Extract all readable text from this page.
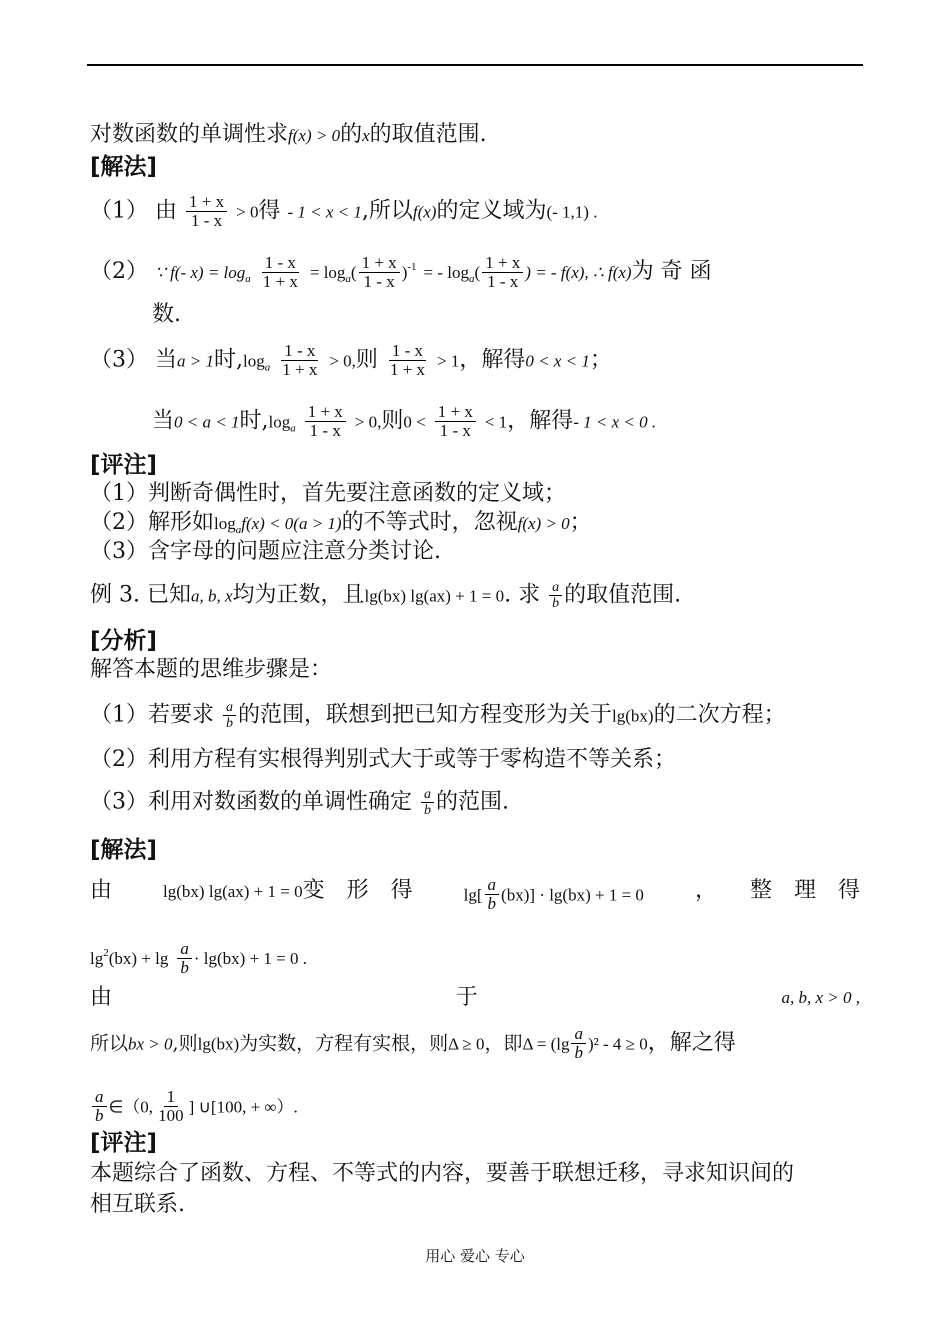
对数函数的单调性求f(x) > 0的x的取值范围.
[解法]
（1） 由 $\frac{1 + x}{1 - x} > 0$得 - 1 < x < 1,所以f(x)的定义域为(- 1,1) .
（2） ∵ f(- $x) = \log_a \frac{1 - x}{1 + x} = \log_a( \frac{1 + x}{1 - x} )^{-1}$ = - $\log_a( \frac{1 + x}{1 - x}$ ) = - f(x), ∴ f(x)为 奇 函
数.
（3） 当a > 1时$,\log_a \frac{1 - x}{1 + x} > 0$,则 $\frac{1 - x}{1 + x} > 1$，解得0 < x < 1；
当0 < a < 1时$,\log_a \frac{1 + x}{1 - x} > 0$,则$0 < \frac{1 + x}{1 - x} < 1$，解得- 1 < x < 0 .
[评注]
（1）判断奇偶性时，首先要注意函数的定义域；
（2）解形如$\log_af(x) < 0(a > 1)$的不等式时，忽视f(x) > 0；
（3）含字母的问题应注意分类讨论.
例 3. 已知a, b, x均为正数，且lg(bx) lg(ax) + 1 = 0. 求 $\frac{a}{b}$ 的取值范围.
[分析]
解答本题的思维步骤是：
（1）若要求 $\frac{a}{b}$ 的范围，联想到把已知方程变形为关于lg(bx)的二次方程；
（2）利用方程有实根得判别式大于或等于零构造不等关系；
（3）利用对数函数的单调性确定 $\frac{a}{b}$ 的范围.
[解法]
由	lg(bx) lg(ax) + 1 = 0变　形　得	$\lg[ \frac{a}{b} (bx)] \cdot \lg(bx) + 1 = 0$ ，　　整　理　得
$\lg^2(bx) + \lg \frac{a}{b} \cdot \lg(bx) + 1 = 0$ .
由	于	a, b, x > 0 ,
所以bx > 0,则lg(bx)为实数，方程有实根，则Δ ≥ 0，即$\Delta = (\lg \frac{a}{b} )^2 - 4 \ge 0$，解之得
$\frac{a}{b}$ ∈（0, $\frac{1}{100}$ ] ∪[100, + ∞）.
[评注]
本题综合了函数、方程、不等式的内容，要善于联想迁移，寻求知识间的
相互联系.
用心 爱心 专心
